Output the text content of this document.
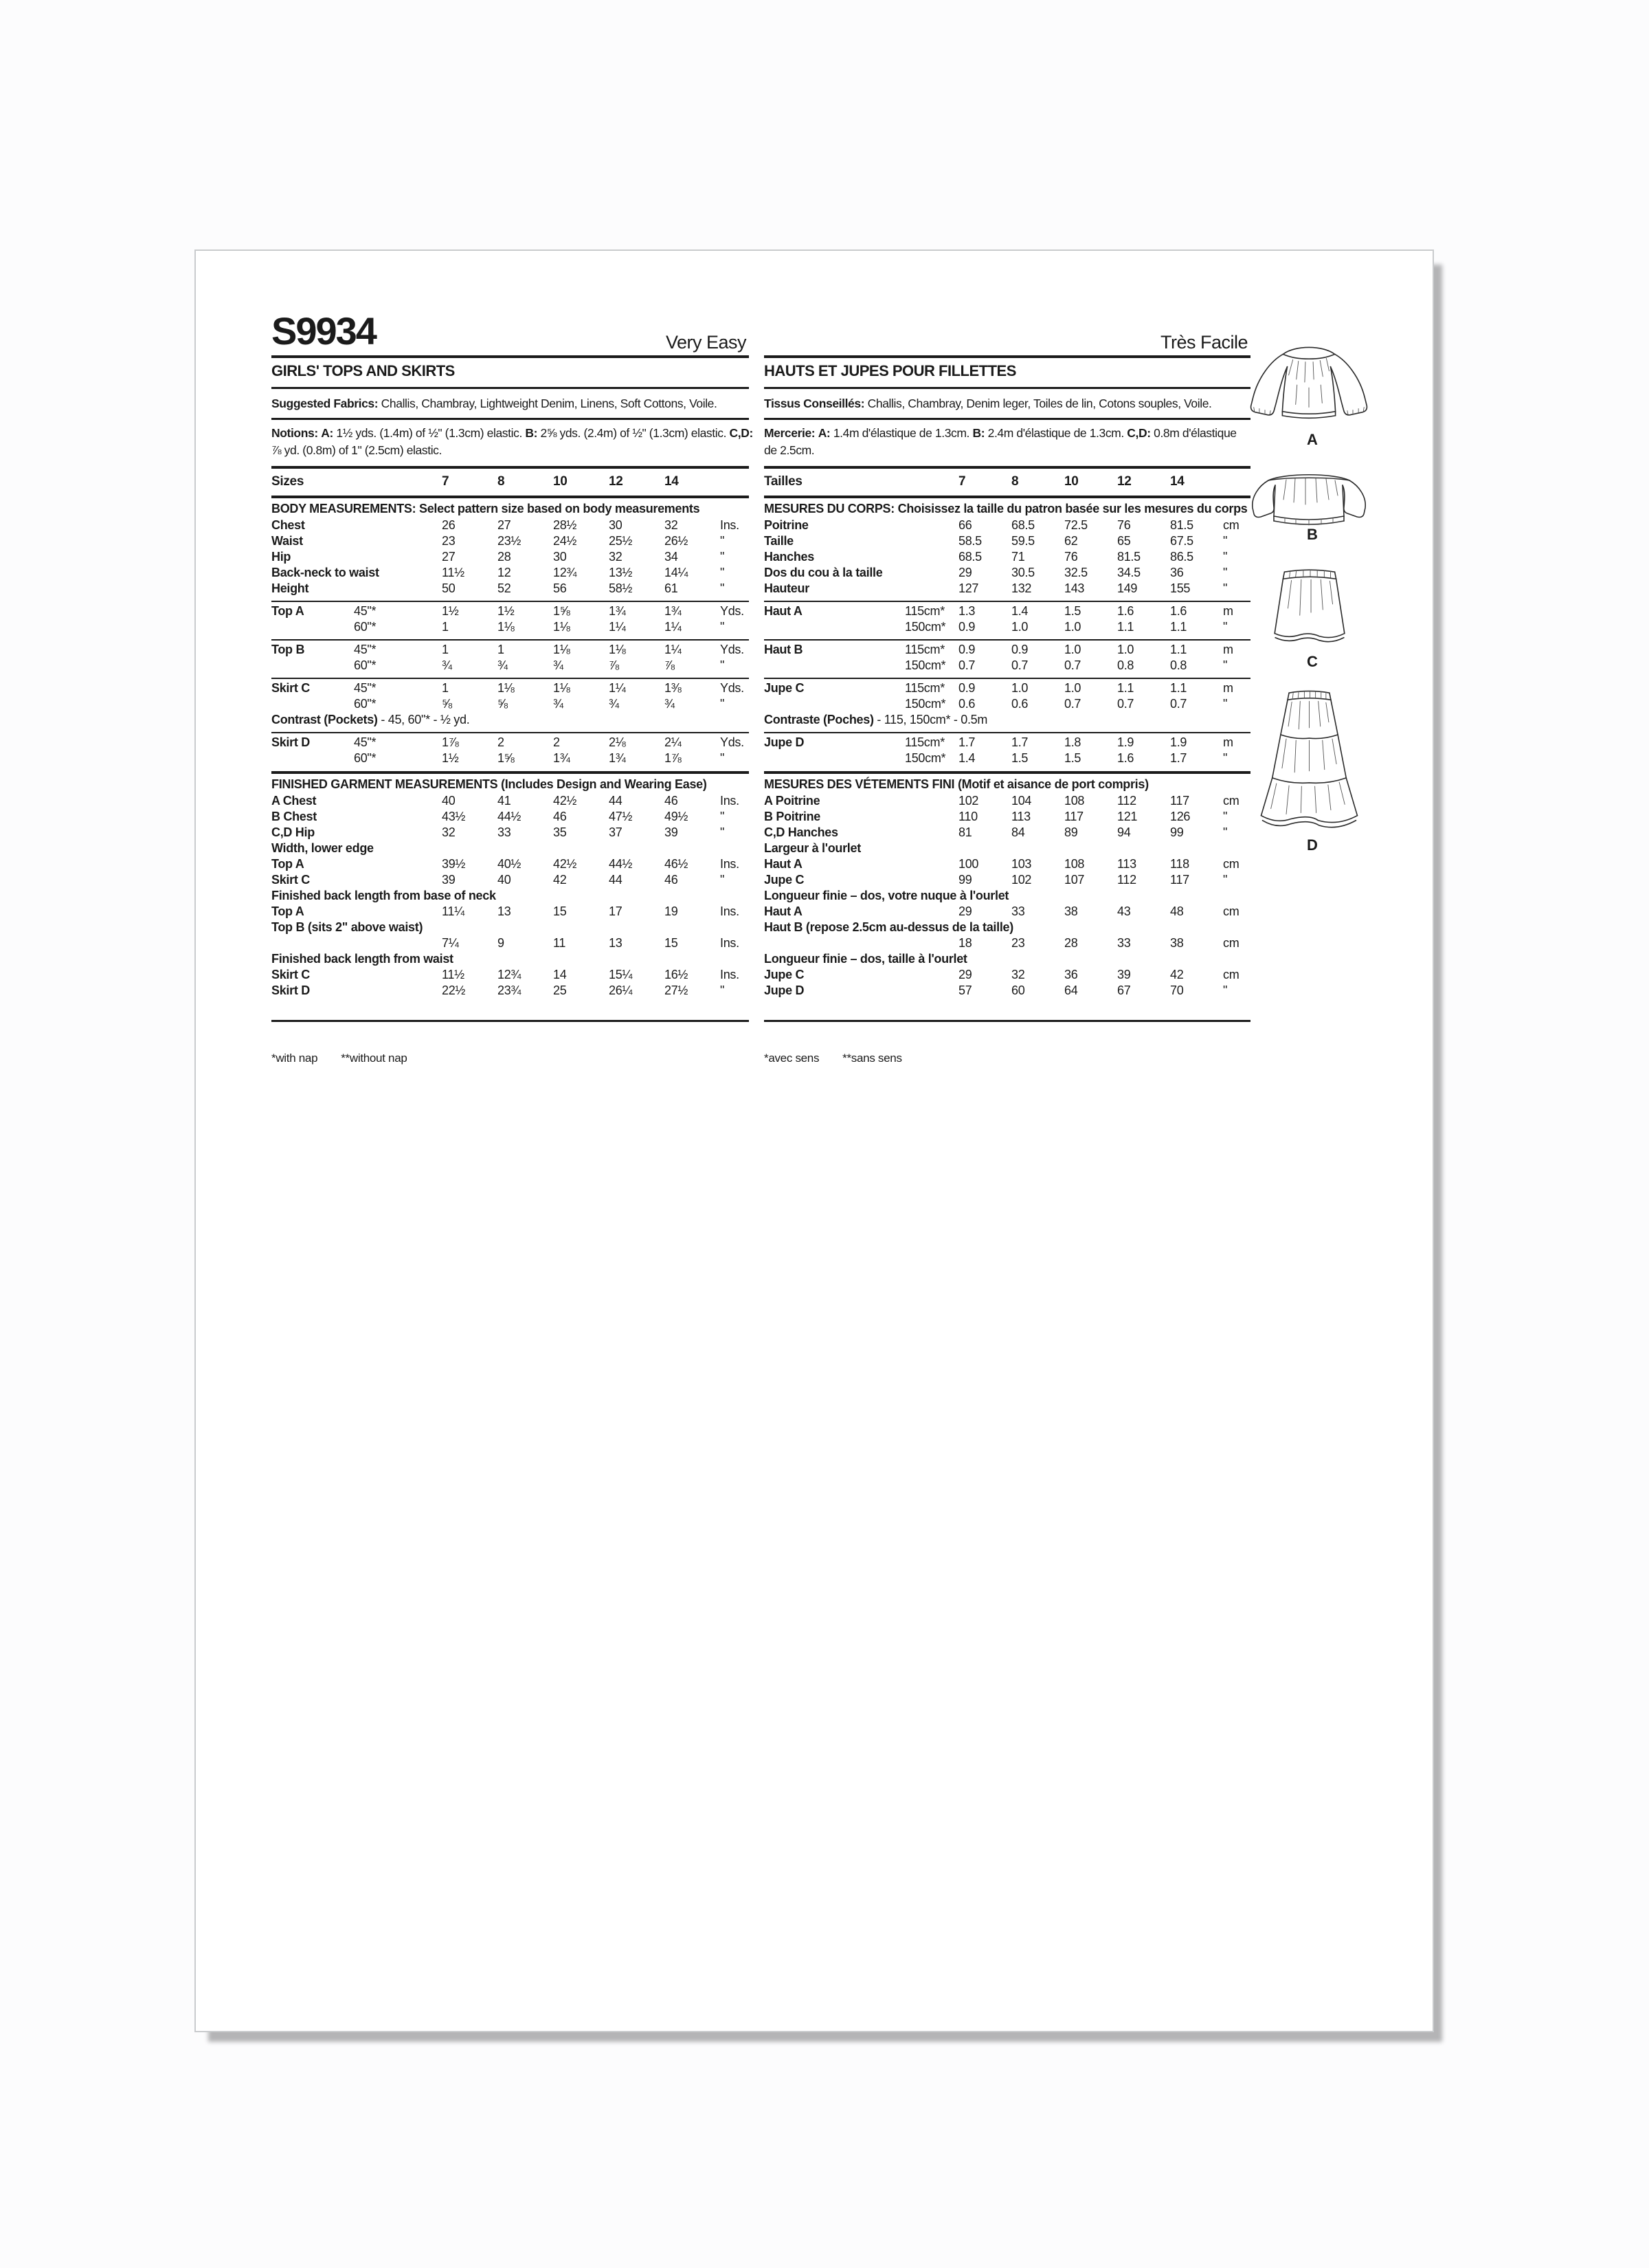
S9934	Very Easy
GIRLS' TOPS AND SKIRTS
Suggested Fabrics: Challis, Chambray, Lightweight Denim, Linens, Soft Cottons, Voile.
Notions: A: 1½ yds. (1.4m) of ½" (1.3cm) elastic. B: 2⅝ yds. (2.4m) of ½" (1.3cm) elastic. C,D:
⅞ yd. (0.8m) of 1" (2.5cm) elastic.
Sizes		7	8	10	12	14	

BODY MEASUREMENTS: Select pattern size based on body measurements							
Chest		26	27	28½	30	32	Ins.
Waist		23	23½	24½	25½	26½	"
Hip		27	28	30	32	34	"
Back-neck to waist		11½	12	12¾	13½	14¼	"
Height		50	52	56	58½	61	"

Top A	45"*	1½	1½	1⅝	1¾	1¾	Yds.
	60"*	1	1⅛	1⅛	1¼	1¼	"

Top B	45"*	1	1	1⅛	1⅛	1¼	Yds.
	60"*	¾	¾	¾	⅞	⅞	"

Skirt C	45"*	1	1⅛	1⅛	1¼	1⅜	Yds.
	60"*	⅝	⅝	¾	¾	¾	"
Contrast (Pockets) - 45, 60"* - ½ yd.							

Skirt D	45"*	1⅞	2	2	2⅛	2¼	Yds.
	60"*	1½	1⅝	1¾	1¾	1⅞	"

FINISHED GARMENT MEASUREMENTS (Includes Design and Wearing Ease)							
A Chest		40	41	42½	44	46	Ins.
B Chest		43½	44½	46	47½	49½	"
C,D Hip		32	33	35	37	39	"
Width, lower edge							
Top A		39½	40½	42½	44½	46½	Ins.
Skirt C		39	40	42	44	46	"
Finished back length from base of neck							
Top A		11¼	13	15	17	19	Ins.
Top B (sits 2" above waist)							
		7¼	9	11	13	15	Ins.
Finished back length from waist							
Skirt C		11½	12¾	14	15¼	16½	Ins.
Skirt D		22½	23¾	25	26¼	27½	"

*with nap **without nap
Très Facile
HAUTS ET JUPES POUR FILLETTES
Tissus Conseillés: Challis, Chambray, Denim leger, Toiles de lin, Cotons souples, Voile.
Mercerie: A: 1.4m d'élastique de 1.3cm. B: 2.4m d'élastique de 1.3cm. C,D: 0.8m d'élastique
de 2.5cm.
Tailles		7	8	10	12	14	

MESURES DU CORPS: Choisissez la taille du patron basée sur les mesures du corps							
Poitrine		66	68.5	72.5	76	81.5	cm
Taille		58.5	59.5	62	65	67.5	"
Hanches		68.5	71	76	81.5	86.5	"
Dos du cou à la taille		29	30.5	32.5	34.5	36	"
Hauteur		127	132	143	149	155	"

Haut A	115cm*	1.3	1.4	1.5	1.6	1.6	m
	150cm*	0.9	1.0	1.0	1.1	1.1	"

Haut B	115cm*	0.9	0.9	1.0	1.0	1.1	m
	150cm*	0.7	0.7	0.7	0.8	0.8	"

Jupe C	115cm*	0.9	1.0	1.0	1.1	1.1	m
	150cm*	0.6	0.6	0.7	0.7	0.7	"
Contraste (Poches) - 115, 150cm* - 0.5m							

Jupe D	115cm*	1.7	1.7	1.8	1.9	1.9	m
	150cm*	1.4	1.5	1.5	1.6	1.7	"

MESURES DES VÉTEMENTS FINI (Motif et aisance de port compris)							
A Poitrine		102	104	108	112	117	cm
B Poitrine		110	113	117	121	126	"
C,D Hanches		81	84	89	94	99	"
Largeur à l'ourlet							
Haut A		100	103	108	113	118	cm
Jupe C		99	102	107	112	117	"
Longueur finie – dos, votre nuque à l'ourlet							
Haut A		29	33	38	43	48	cm
Haut B (repose 2.5cm au-dessus de la taille)							
		18	23	28	33	38	cm
Longueur finie – dos, taille à l'ourlet							
Jupe C		29	32	36	39	42	cm
Jupe D		57	60	64	67	70	"

*avec sens **sans sens
A
B
C
D
